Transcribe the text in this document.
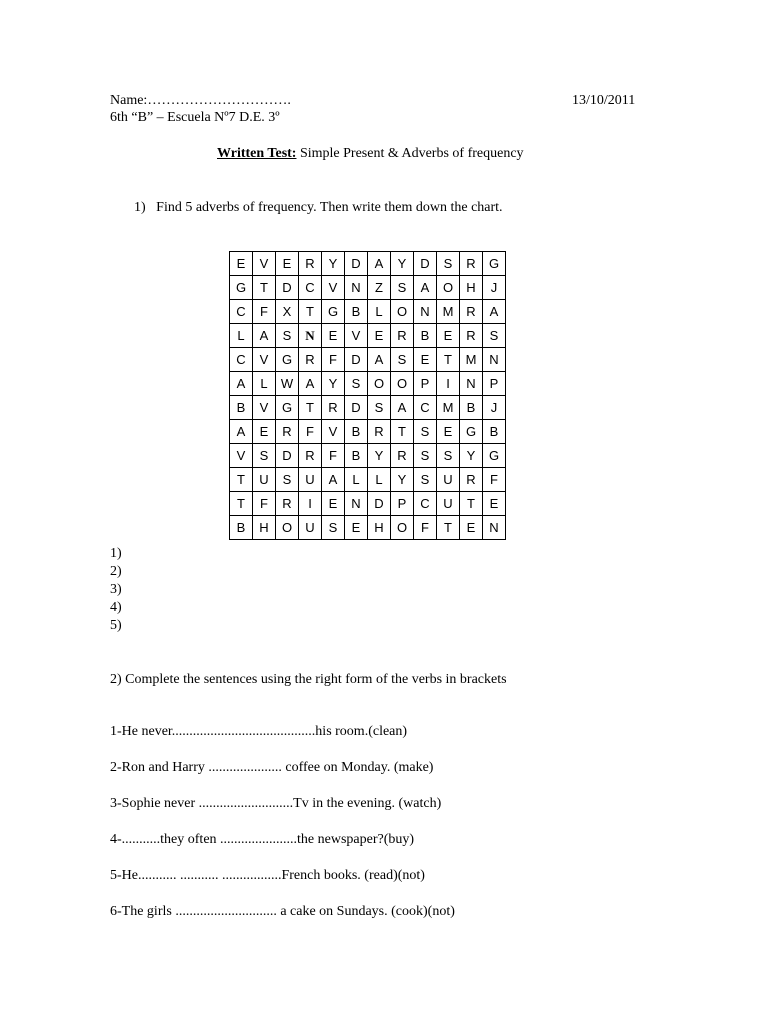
Name:………………………….	13/10/2011
6th “B” – Escuela Nº7 D.E. 3º
Written Test: Simple Present & Adverbs of frequency
1)   Find 5 adverbs of frequency. Then write them down the chart.
E	V	E	R	Y	D	A	Y	D	S	R	G
G	T	D	C	V	N	Z	S	A	O	H	J
C	F	X	T	G	B	L	O	N	M	R	A
L	A	S	N	E	V	E	R	B	E	R	S
C	V	G	R	F	D	A	S	E	T	M	N
A	L	W	A	Y	S	O	O	P	I	N	P
B	V	G	T	R	D	S	A	C	M	B	J
A	E	R	F	V	B	R	T	S	E	G	B
V	S	D	R	F	B	Y	R	S	S	Y	G
T	U	S	U	A	L	L	Y	S	U	R	F
T	F	R	I	E	N	D	P	C	U	T	E
B	H	O	U	S	E	H	O	F	T	E	N
1)
2)
3)
4)
5)
2) Complete the sentences using the right form of the verbs in brackets
1-He never.........................................his room.(clean)
2-Ron and Harry ..................... coffee on Monday. (make)
3-Sophie never ...........................Tv in the evening. (watch)
4-...........they often ......................the newspaper?(buy)
5-He........... ........... .................French books. (read)(not)
6-The girls ............................. a cake on Sundays. (cook)(not)
